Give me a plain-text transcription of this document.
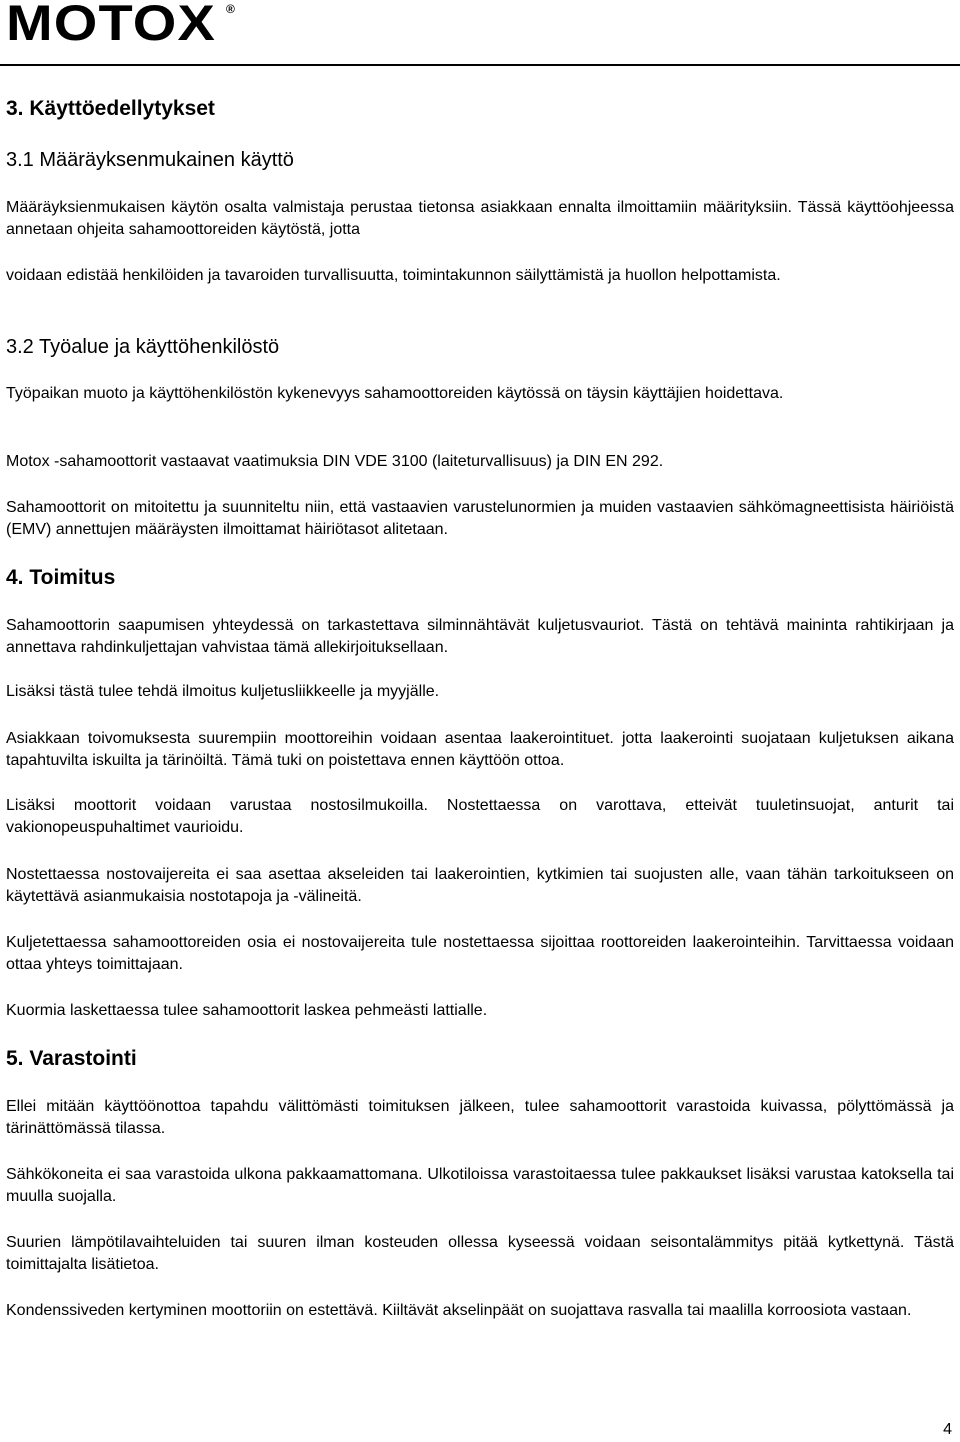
MOTOX ®
3. Käyttöedellytykset
3.1 Määräyksenmukainen käyttö

Määräyksienmukaisen käytön osalta valmistaja perustaa tietonsa asiakkaan ennalta ilmoittamiin määrityksiin. Tässä käyttöohjeessa annetaan ohjeita sahamoottoreiden käytöstä, jotta

voidaan edistää henkilöiden ja tavaroiden turvallisuutta, toimintakunnon säilyttämistä ja huollon helpottamista.

3.2 Työalue ja käyttöhenkilöstö

Työpaikan muoto ja käyttöhenkilöstön kykenevyys sahamoottoreiden käytössä on täysin käyttäjien hoidettava.

Motox -sahamoottorit vastaavat vaatimuksia DIN VDE 3100 (laiteturvallisuus) ja DIN EN 292.

Sahamoottorit on mitoitettu ja suunniteltu niin, että vastaavien varustelunormien ja muiden vastaavien sähkömagneettisista häiriöistä (EMV) annettujen määräysten ilmoittamat häiriötasot alitetaan.

4. Toimitus

Sahamoottorin saapumisen yhteydessä on tarkastettava silminnähtävät kuljetusvauriot. Tästä on tehtävä maininta rahtikirjaan ja annettava rahdinkuljettajan vahvistaa tämä allekirjoituksellaan.

Lisäksi tästä tulee tehdä ilmoitus kuljetusliikkeelle ja myyjälle.

Asiakkaan toivomuksesta suurempiin moottoreihin voidaan asentaa laakerointituet. jotta laakerointi suojataan kuljetuksen aikana tapahtuvilta iskuilta ja tärinöiltä. Tämä tuki on poistettava ennen käyttöön ottoa.

Lisäksi moottorit voidaan varustaa nostosilmukoilla. Nostettaessa on varottava, etteivät tuuletinsuojat, anturit tai vakionopeuspuhaltimet vaurioidu.

Nostettaessa nostovaijereita ei saa asettaa akseleiden tai laakerointien, kytkimien tai suojusten alle, vaan tähän tarkoitukseen on käytettävä asianmukaisia nostotapoja ja -välineitä.

Kuljetettaessa sahamoottoreiden osia ei nostovaijereita tule nostettaessa sijoittaa roottoreiden laakerointeihin. Tarvittaessa voidaan ottaa yhteys toimittajaan.

Kuormia laskettaessa tulee sahamoottorit laskea pehmeästi lattialle.

5. Varastointi

Ellei mitään käyttöönottoa tapahdu välittömästi toimituksen jälkeen, tulee sahamoottorit varastoida kuivassa, pölyttömässä ja tärinättömässä tilassa.

Sähkökoneita ei saa varastoida ulkona pakkaamattomana. Ulkotiloissa varastoitaessa tulee pakkaukset lisäksi varustaa katoksella tai muulla suojalla.

Suurien lämpötilavaihteluiden tai suuren ilman kosteuden ollessa kyseessä voidaan seisontalämmitys pitää kytkettynä. Tästä toimittajalta lisätietoa.

Kondenssiveden kertyminen moottoriin on estettävä. Kiiltävät akselinpäät on suojattava rasvalla tai maalilla korroosiota vastaan.

4
